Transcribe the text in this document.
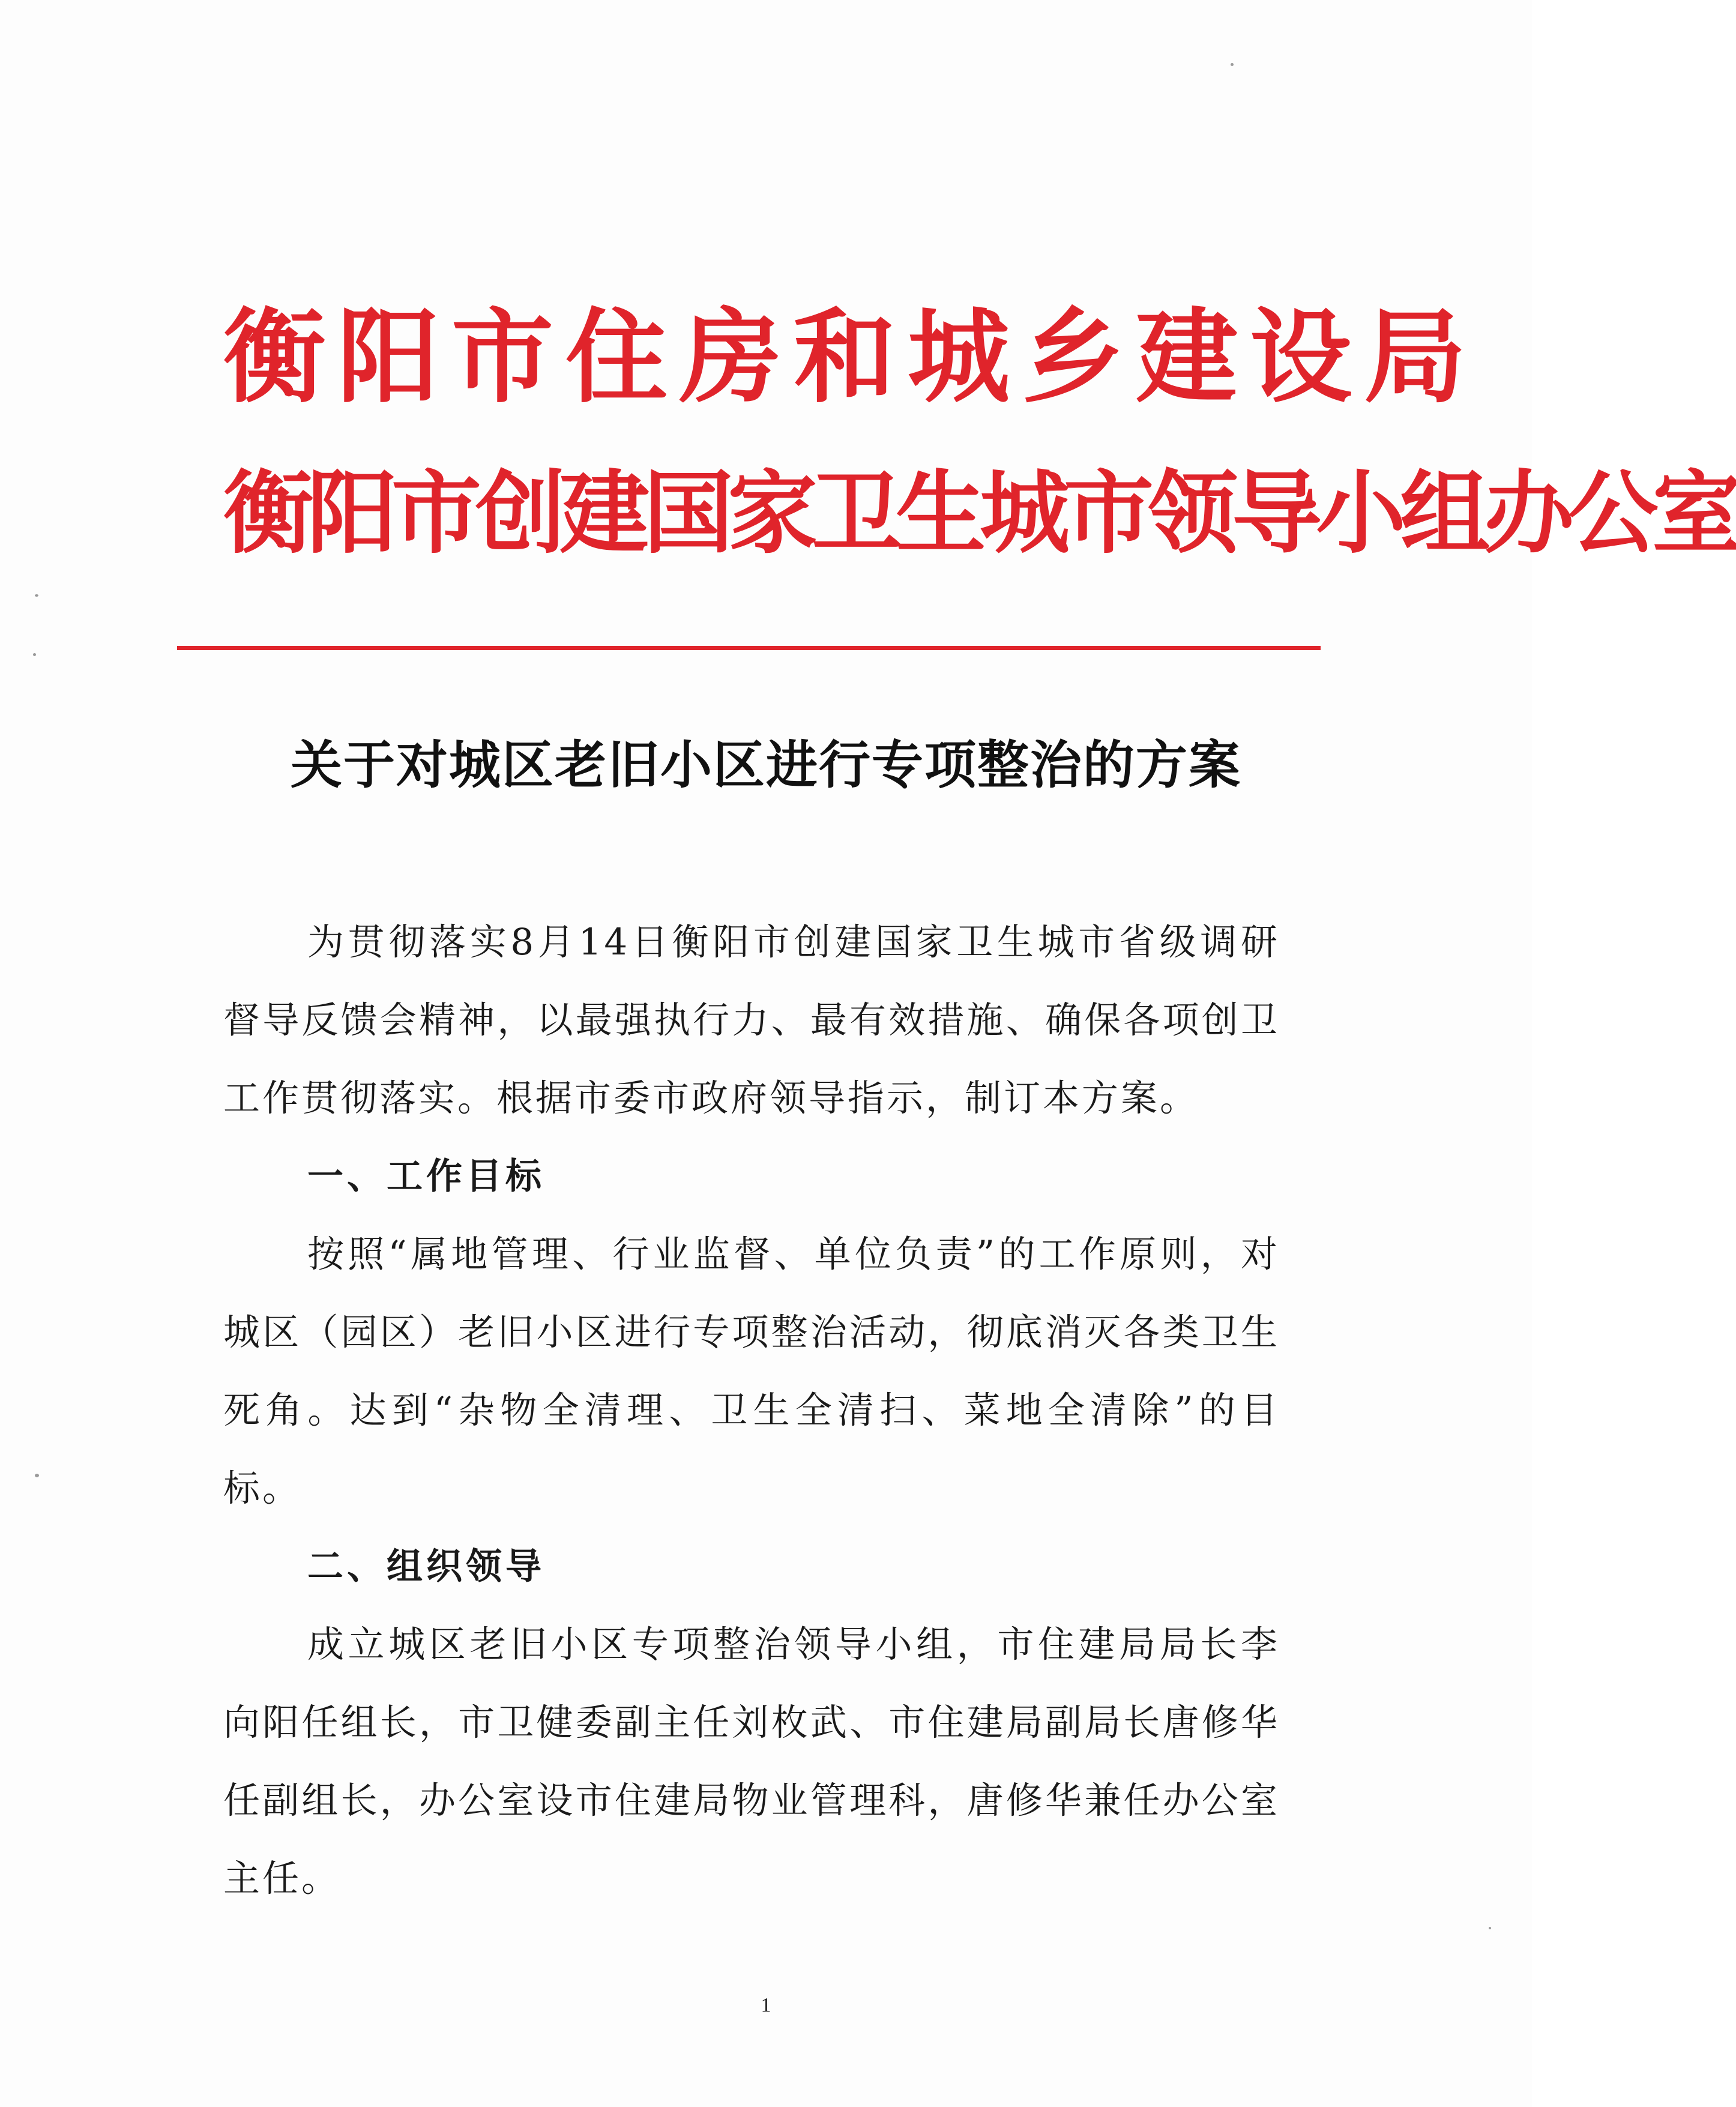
衡 阳 市 住 房 和 城 乡 建 设 局
衡 阳 市 创 建 国 家 卫 生 城 市 领 导 小 组 办 公 室
关于对城区老旧小区进行专项整治的方案

为贯彻落实8月14日衡阳市创建国家卫生城市省级调研督导反馈会精神，以最强执行力、最有效措施、确保各项创卫工作贯彻落实。根据市委市政府领导指示，制订本方案。

一、工作目标

按照“属地管理、行业监督、单位负责”的工作原则，对城区（园区）老旧小区进行专项整治活动，彻底消灭各类卫生死角。达到“杂物全清理、卫生全清扫、菜地全清除”的目标。

二、组织领导

成立城区老旧小区专项整治领导小组，市住建局局长李向阳任组长，市卫健委副主任刘枚武、市住建局副局长唐修华任副组长，办公室设市住建局物业管理科，唐修华兼任办公室主任。

1
